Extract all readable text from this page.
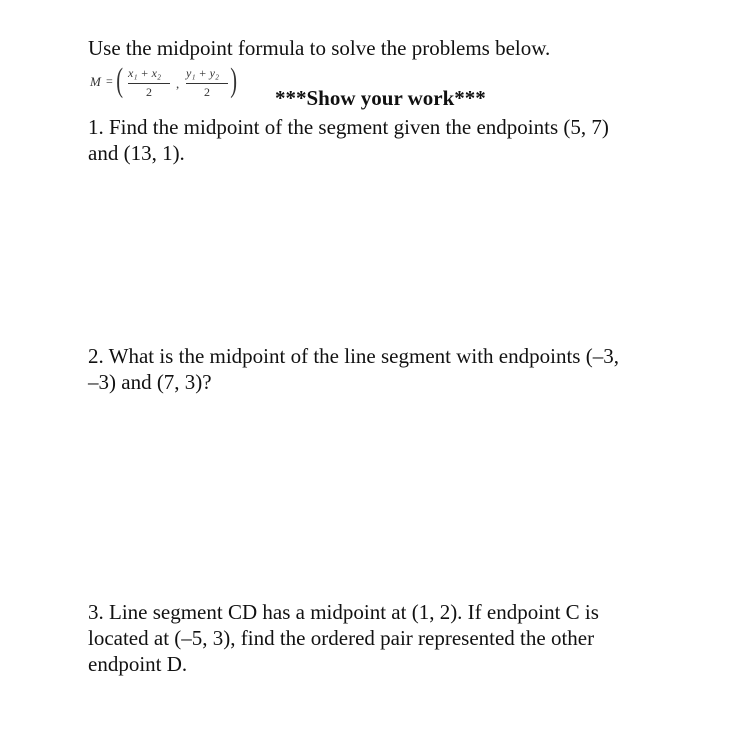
Use the midpoint formula to solve the problems below.
M = ( x₁ + x₂
2
,
y₁ + y₂
2 ) ***Show your work***

1. Find the midpoint of the segment given the endpoints (5, 7)

and (13, 1).

2. What is the midpoint of the line segment with endpoints (–3,

–3) and (7, 3)?

3. Line segment CD has a midpoint at (1, 2). If endpoint C is

located at (–5, 3), find the ordered pair represented the other

endpoint D.
